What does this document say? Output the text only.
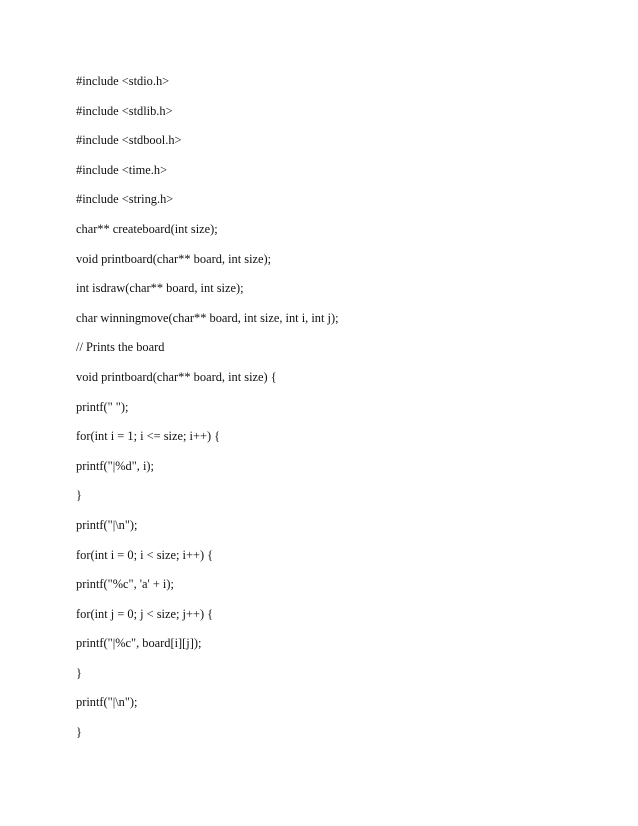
#include <stdio.h>
#include <stdlib.h>
#include <stdbool.h>
#include <time.h>
#include <string.h>
char** createboard(int size);
void printboard(char** board, int size);
int isdraw(char** board, int size);
char winningmove(char** board, int size, int i, int j);
// Prints the board
void printboard(char** board, int size) {
printf(" ");
for(int i = 1; i <= size; i++) {
printf("|%d", i);
}
printf("|\n");
for(int i = 0; i < size; i++) {
printf("%c", 'a' + i);
for(int j = 0; j < size; j++) {
printf("|%c", board[i][j]);
}
printf("|\n");
}
